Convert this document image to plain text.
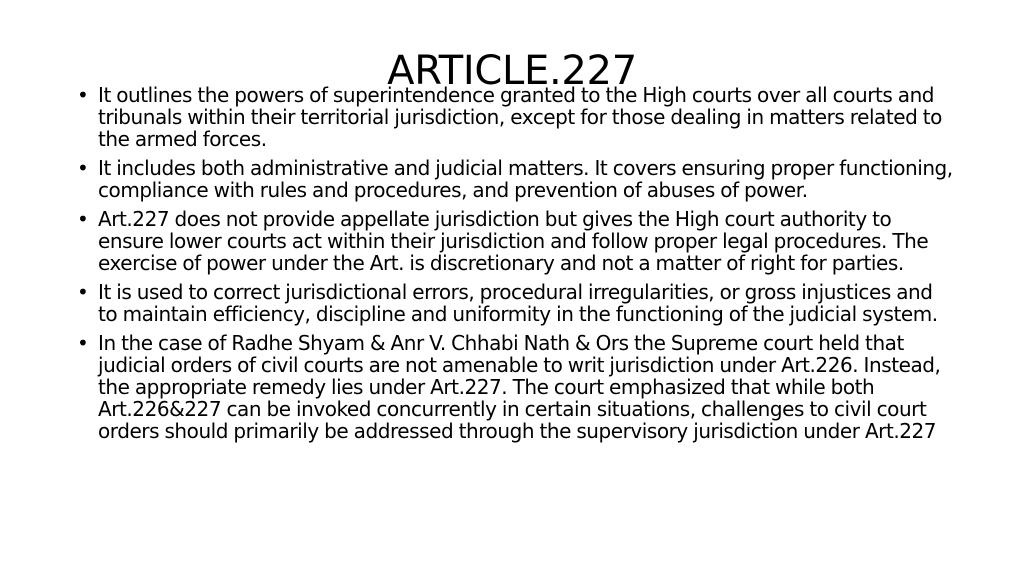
ARTICLE.227
• It outlines the powers of superintendence granted to the High courts over all courts and tribunals within their territorial jurisdiction, except for those dealing in matters related to the armed forces.
• It includes both administrative and judicial matters. It covers ensuring proper functioning, compliance with rules and procedures, and prevention of abuses of power.
• Art.227 does not provide appellate jurisdiction but gives the High court authority to ensure lower courts act within their jurisdiction and follow proper legal procedures. The exercise of power under the Art. is discretionary and not a matter of right for parties.
• It is used to correct jurisdictional errors, procedural irregularities, or gross injustices and to maintain efficiency, discipline and uniformity in the functioning of the judicial system.
• In the case of Radhe Shyam & Anr V. Chhabi Nath & Ors the Supreme court held that judicial orders of civil courts are not amenable to writ jurisdiction under Art.226. Instead, the appropriate remedy lies under Art.227. The court emphasized that while both Art.226&227 can be invoked concurrently in certain situations, challenges to civil court orders should primarily be addressed through the supervisory jurisdiction under Art.227
